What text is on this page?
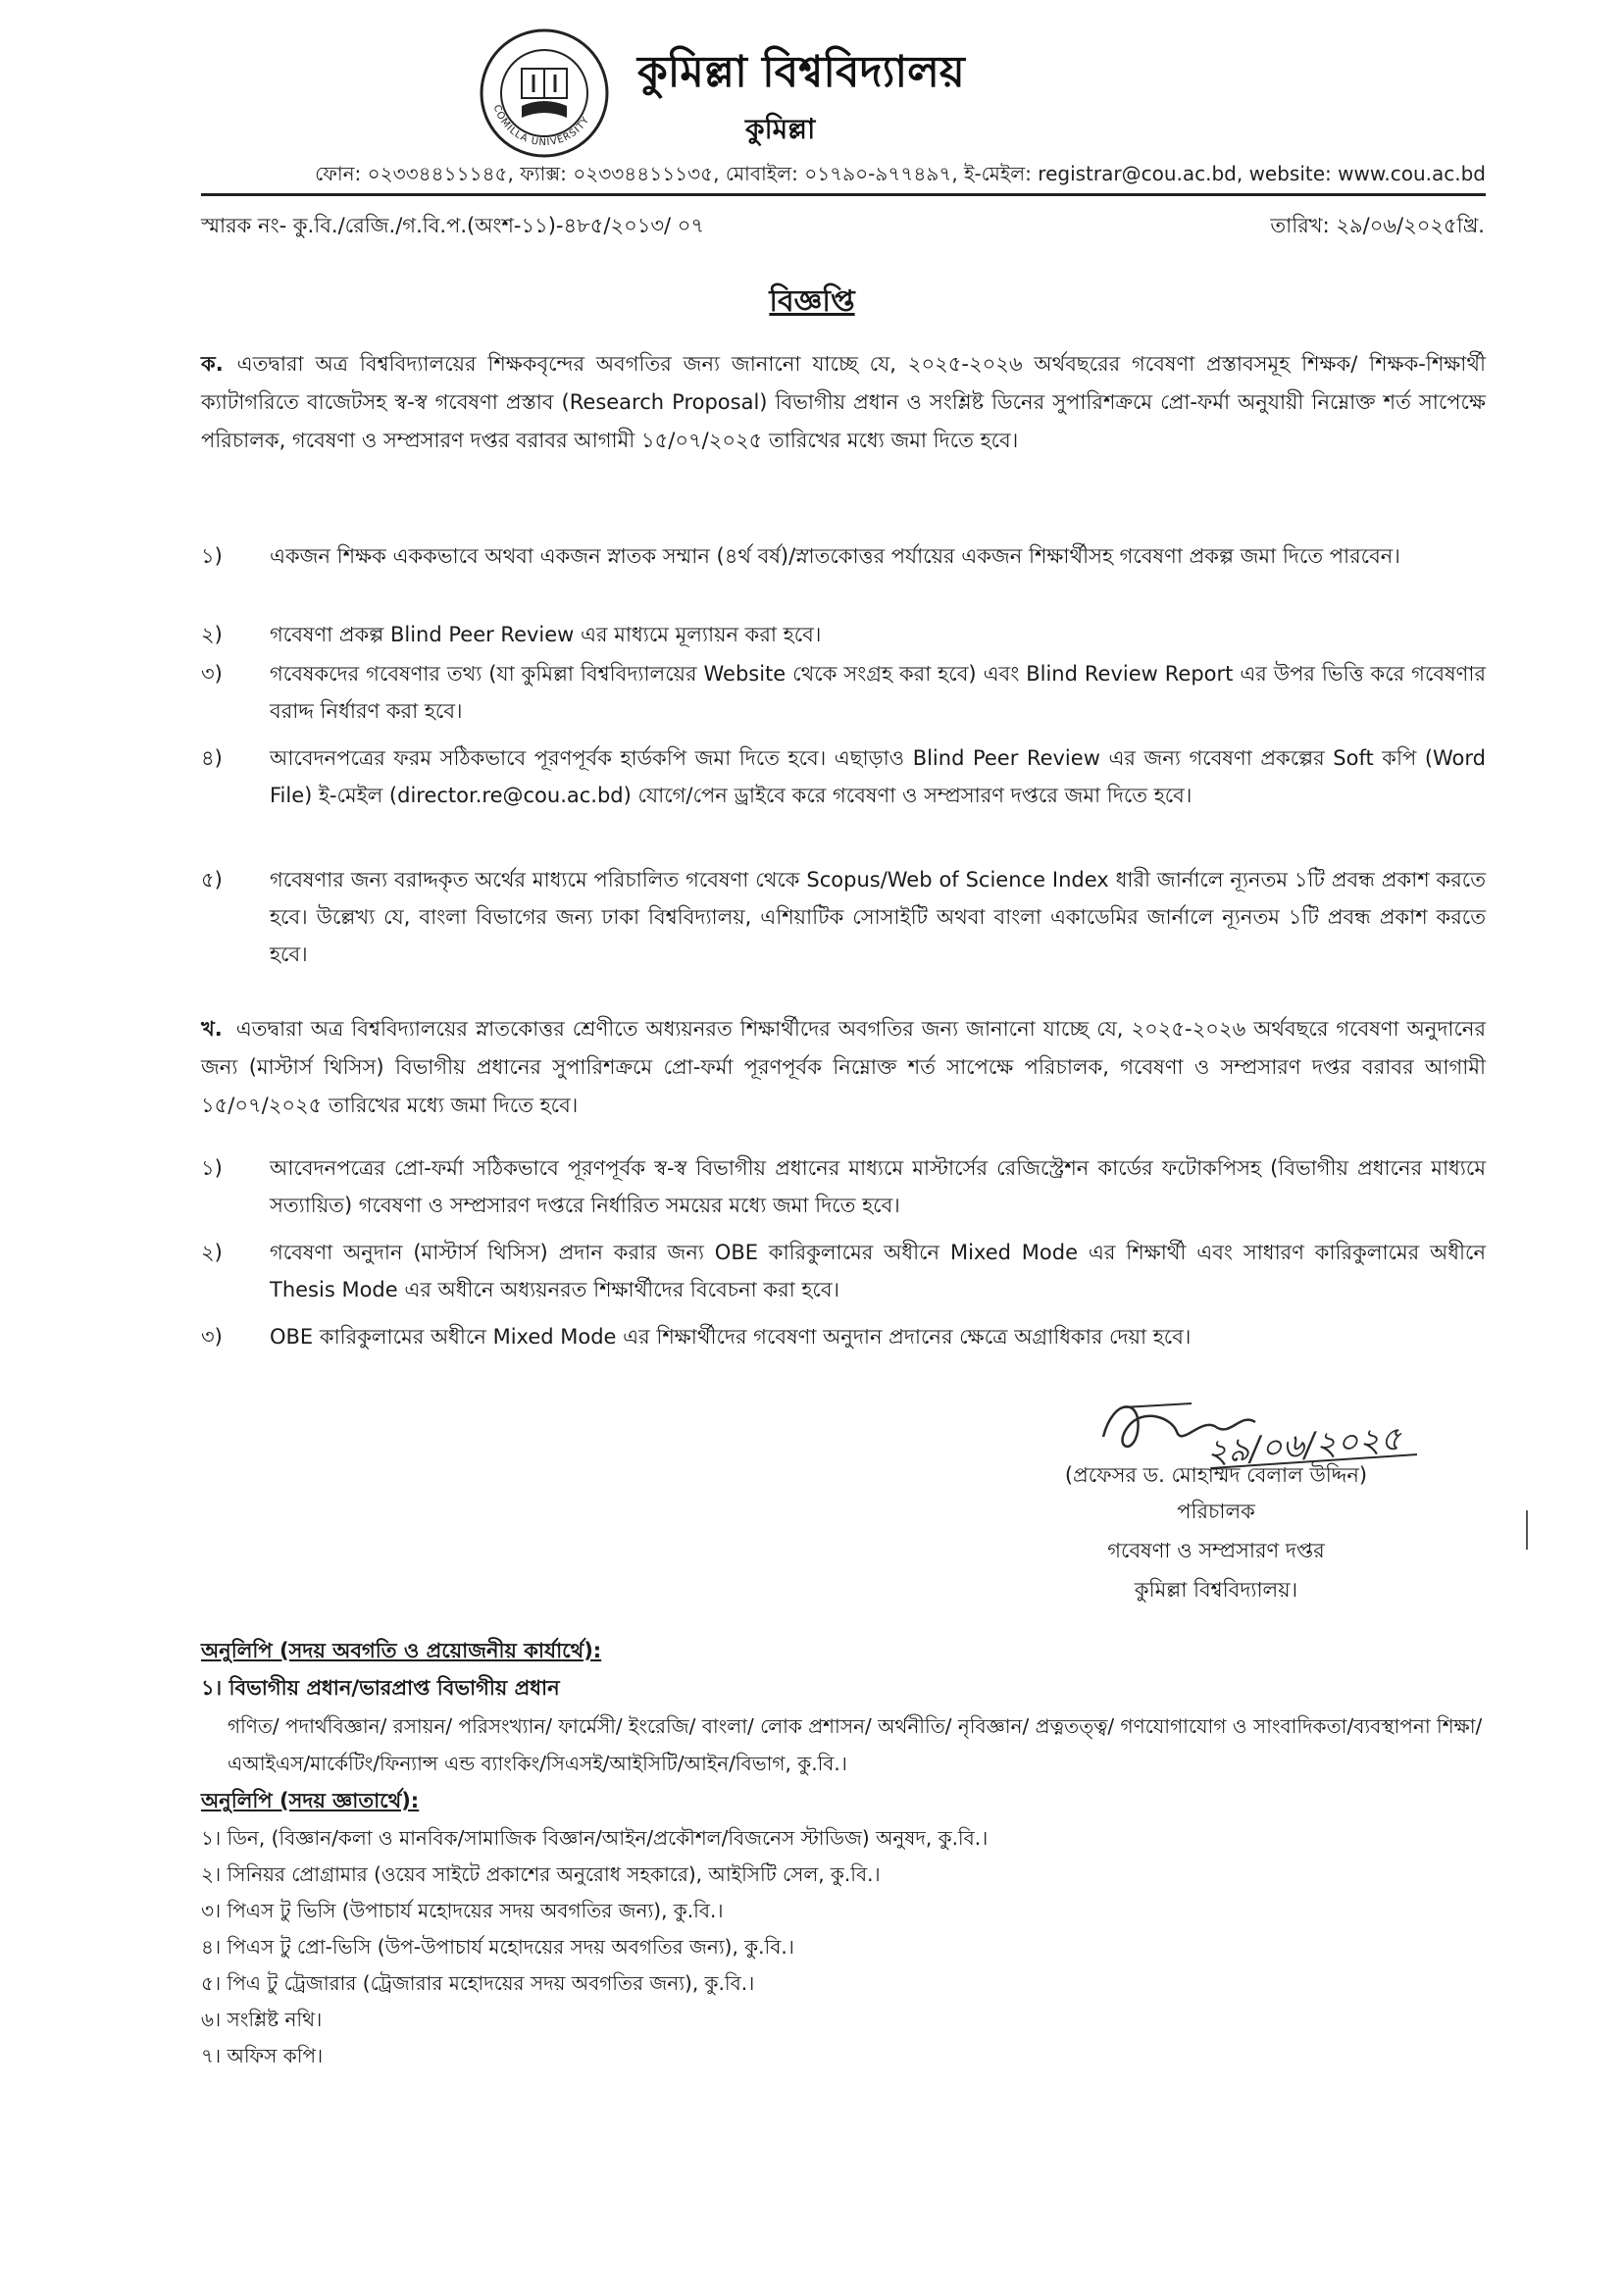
COMILLA UNIVERSITY
কুমিল্লা বিশ্ববিদ্যালয়
কুমিল্লা
ফোন: ০২৩৩৪৪১১১৪৫, ফ্যাক্স: ০২৩৩৪৪১১১৩৫, মোবাইল: ০১৭৯০-৯৭৭৪৯৭, ই-মেইল: registrar@cou.ac.bd, website: www.cou.ac.bd
স্মারক নং- কু.বি./রেজি./গ.বি.প.(অংশ-১১)-৪৮৫/২০১৩/ ০৭	তারিখ: ২৯/০৬/২০২৫খ্রি.
বিজ্ঞপ্তি
ক. এতদ্বারা অত্র বিশ্ববিদ্যালয়ের শিক্ষকবৃন্দের অবগতির জন্য জানানো যাচ্ছে যে, ২০২৫-২০২৬ অর্থবছরের গবেষণা প্রস্তাবসমূহ শিক্ষক/ শিক্ষক-শিক্ষার্থী ক্যাটাগরিতে বাজেটসহ স্ব-স্ব গবেষণা প্রস্তাব (Research Proposal) বিভাগীয় প্রধান ও সংশ্লিষ্ট ডিনের সুপারিশক্রমে প্রো-ফর্মা অনুযায়ী নিম্নোক্ত শর্ত সাপেক্ষে পরিচালক, গবেষণা ও সম্প্রসারণ দপ্তর বরাবর আগামী ১৫/০৭/২০২৫ তারিখের মধ্যে জমা দিতে হবে।
১)	একজন শিক্ষক এককভাবে অথবা একজন স্নাতক সম্মান (৪র্থ বর্ষ)/স্নাতকোত্তর পর্যায়ের একজন শিক্ষার্থীসহ গবেষণা প্রকল্প জমা দিতে পারবেন।
২)	গবেষণা প্রকল্প Blind Peer Review এর মাধ্যমে মূল্যায়ন করা হবে।
৩)	গবেষকদের গবেষণার তথ্য (যা কুমিল্লা বিশ্ববিদ্যালয়ের Website থেকে সংগ্রহ করা হবে) এবং Blind Review Report এর উপর ভিত্তি করে গবেষণার বরাদ্দ নির্ধারণ করা হবে।
৪)	আবেদনপত্রের ফরম সঠিকভাবে পূরণপূর্বক হার্ডকপি জমা দিতে হবে। এছাড়াও Blind Peer Review এর জন্য গবেষণা প্রকল্পের Soft কপি (Word File) ই-মেইল (director.re@cou.ac.bd) যোগে/পেন ড্রাইবে করে গবেষণা ও সম্প্রসারণ দপ্তরে জমা দিতে হবে।
৫)	গবেষণার জন্য বরাদ্দকৃত অর্থের মাধ্যমে পরিচালিত গবেষণা থেকে Scopus/Web of Science Index ধারী জার্নালে ন্যূনতম ১টি প্রবন্ধ প্রকাশ করতে হবে। উল্লেখ্য যে, বাংলা বিভাগের জন্য ঢাকা বিশ্ববিদ্যালয়, এশিয়াটিক সোসাইটি অথবা বাংলা একাডেমির জার্নালে ন্যূনতম ১টি প্রবন্ধ প্রকাশ করতে হবে।
খ. এতদ্বারা অত্র বিশ্ববিদ্যালয়ের স্নাতকোত্তর শ্রেণীতে অধ্যয়নরত শিক্ষার্থীদের অবগতির জন্য জানানো যাচ্ছে যে, ২০২৫-২০২৬ অর্থবছরে গবেষণা অনুদানের জন্য (মাস্টার্স থিসিস) বিভাগীয় প্রধানের সুপারিশক্রমে প্রো-ফর্মা পূরণপূর্বক নিম্নোক্ত শর্ত সাপেক্ষে পরিচালক, গবেষণা ও সম্প্রসারণ দপ্তর বরাবর আগামী ১৫/০৭/২০২৫ তারিখের মধ্যে জমা দিতে হবে।
১)	আবেদনপত্রের প্রো-ফর্মা সঠিকভাবে পূরণপূর্বক স্ব-স্ব বিভাগীয় প্রধানের মাধ্যমে মাস্টার্সের রেজিস্ট্রেশন কার্ডের ফটোকপিসহ (বিভাগীয় প্রধানের মাধ্যমে সত্যায়িত) গবেষণা ও সম্প্রসারণ দপ্তরে নির্ধারিত সময়ের মধ্যে জমা দিতে হবে।
২)	গবেষণা অনুদান (মাস্টার্স থিসিস) প্রদান করার জন্য OBE কারিকুলামের অধীনে Mixed Mode এর শিক্ষার্থী এবং সাধারণ কারিকুলামের অধীনে Thesis Mode এর অধীনে অধ্যয়নরত শিক্ষার্থীদের বিবেচনা করা হবে।
৩)	OBE কারিকুলামের অধীনে Mixed Mode এর শিক্ষার্থীদের গবেষণা অনুদান প্রদানের ক্ষেত্রে অগ্রাধিকার দেয়া হবে।
২৯/০৬/২০২৫
(প্রফেসর ড. মোহাম্মদ বেলাল উদ্দিন)
পরিচালক
গবেষণা ও সম্প্রসারণ দপ্তর
কুমিল্লা বিশ্ববিদ্যালয়।
অনুলিপি (সদয় অবগতি ও প্রয়োজনীয় কার্যার্থে):
১। বিভাগীয় প্রধান/ভারপ্রাপ্ত বিভাগীয় প্রধান
গণিত/ পদার্থবিজ্ঞান/ রসায়ন/ পরিসংখ্যান/ ফার্মেসী/ ইংরেজি/ বাংলা/ লোক প্রশাসন/ অর্থনীতি/ নৃবিজ্ঞান/ প্রত্নতত্ত্ব/ গণযোগাযোগ ও সাংবাদিকতা/ব্যবস্থাপনা শিক্ষা/এআইএস/মার্কেটিং/ফিন্যান্স এন্ড ব্যাংকিং/সিএসই/আইসিটি/আইন/বিভাগ, কু.বি.।
অনুলিপি (সদয় জ্ঞাতার্থে):
১। ডিন, (বিজ্ঞান/কলা ও মানবিক/সামাজিক বিজ্ঞান/আইন/প্রকৌশল/বিজনেস স্টাডিজ) অনুষদ, কু.বি.।
২। সিনিয়র প্রোগ্রামার (ওয়েব সাইটে প্রকাশের অনুরোধ সহকারে), আইসিটি সেল, কু.বি.।
৩। পিএস টু ভিসি (উপাচার্য মহোদয়ের সদয় অবগতির জন্য), কু.বি.।
৪। পিএস টু প্রো-ভিসি (উপ-উপাচার্য মহোদয়ের সদয় অবগতির জন্য), কু.বি.।
৫। পিএ টু ট্রেজারার (ট্রেজারার মহোদয়ের সদয় অবগতির জন্য), কু.বি.।
৬। সংশ্লিষ্ট নথি।
৭। অফিস কপি।
